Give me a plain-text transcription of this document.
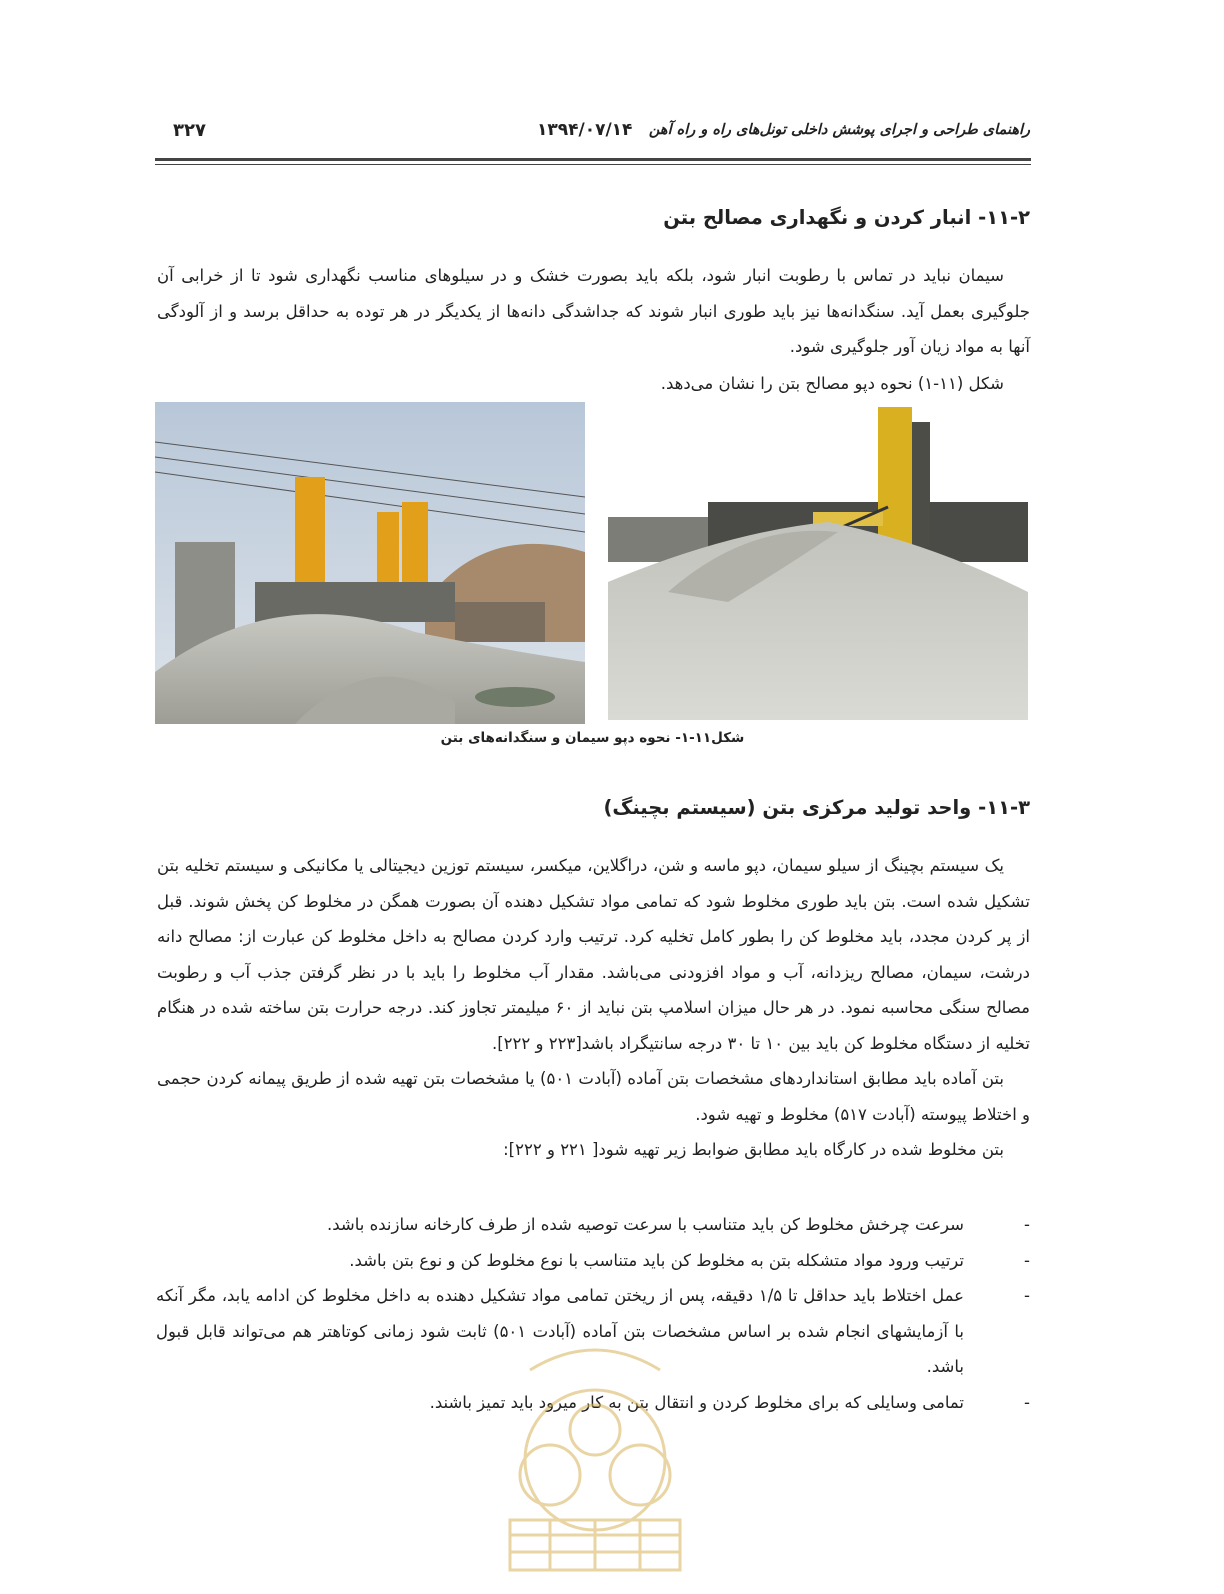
راهنمای طراحی و اجرای پوشش داخلی تونل‌های راه و راه آهن
۱۳۹۴/۰۷/۱۴
۳۲۷
۱۱-۲- انبار کردن و نگهداری مصالح بتن

سیمان نباید در تماس با رطوبت انبار شود، بلکه باید بصورت خشک و در سیلوهای مناسب نگهداری شود تا از خرابی آن جلوگیری بعمل آید. سنگدانه‌ها نیز باید طوری انبار شوند که جداشدگی دانه‌ها از یکدیگر در هر توده به حداقل برسد و از آلودگی آنها به مواد زیان آور جلوگیری شود.

شکل (۱۱-۱) نحوه دپو مصالح بتن را نشان می‌دهد.

شکل۱۱-۱- نحوه دپو سیمان و سنگدانه‌های بتن
۱۱-۳- واحد تولید مرکزی بتن (سیستم بچینگ)

یک سیستم بچینگ از سیلو سیمان، دپو ماسه و شن، دراگلاین، میکسر، سیستم توزین دیجیتالی یا مکانیکی و سیستم تخلیه بتن تشکیل شده است. بتن باید طوری مخلوط شود که تمامی مواد تشکیل دهنده آن بصورت همگن در مخلوط کن پخش شوند. قبل از پر کردن مجدد، باید مخلوط کن را بطور کامل تخلیه کرد. ترتیب وارد کردن مصالح به داخل مخلوط کن عبارت از: مصالح دانه درشت، سیمان، مصالح ریزدانه، آب و مواد افزودنی می‌باشد. مقدار آب مخلوط را باید با در نظر گرفتن جذب آب و رطوبت مصالح سنگی محاسبه نمود. در هر حال میزان اسلامپ بتن نباید از ۶۰ میلیمتر تجاوز کند. درجه حرارت بتن ساخته شده در هنگام تخلیه از دستگاه مخلوط کن باید بین ۱۰ تا ۳۰ درجه سانتیگراد باشد[۲۲۳ و ۲۲۲].

بتن آماده باید مطابق استانداردهای مشخصات بتن آماده (آبادت ۵۰۱) یا مشخصات بتن تهیه شده از طریق پیمانه کردن حجمی و اختلاط پیوسته (آبادت ۵۱۷) مخلوط و تهیه شود.

بتن مخلوط شده در کارگاه باید مطابق ضوابط زیر تهیه شود[ ۲۲۱ و ۲۲۲]:

-
سرعت چرخش مخلوط کن باید متناسب با سرعت توصیه شده از طرف کارخانه سازنده باشد.
-
ترتیب ورود مواد متشکله بتن به مخلوط کن باید متناسب با نوع مخلوط کن و نوع بتن باشد.
-
عمل اختلاط باید حداقل تا ۱/۵ دقیقه، پس از ریختن تمامی مواد تشکیل دهنده به داخل مخلوط کن ادامه یابد، مگر آنکه با آزمایشهای انجام شده بر اساس مشخصات بتن آماده (آبادت ۵۰۱) ثابت شود زمانی کوتاهتر هم می‌تواند قابل قبول باشد.
-
تمامی وسایلی که برای مخلوط کردن و انتقال بتن به کار میرود باید تمیز باشند.
